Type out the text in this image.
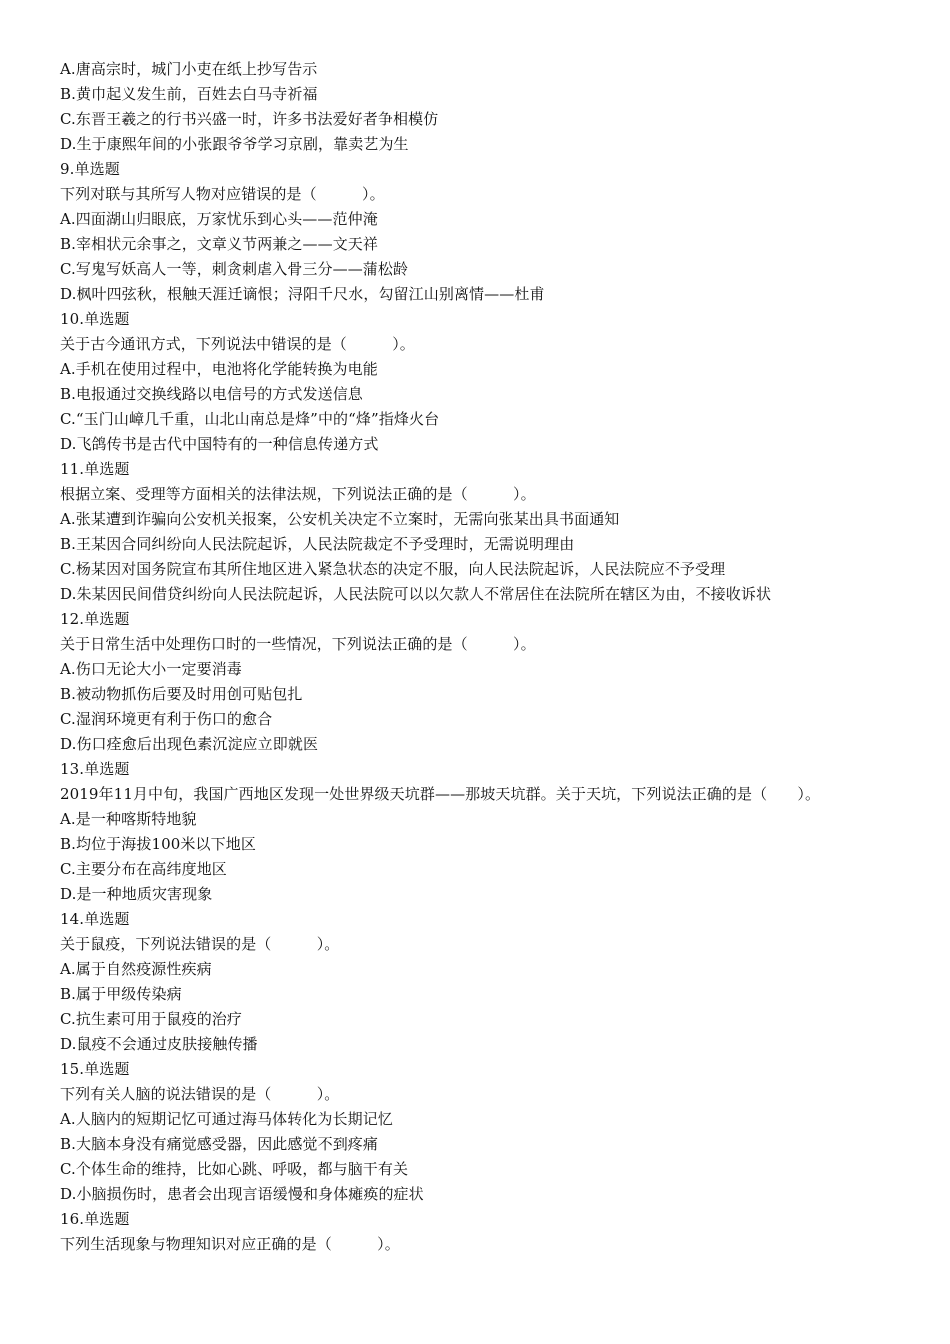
A.唐高宗时，城门小吏在纸上抄写告示
B.黄巾起义发生前，百姓去白马寺祈福
C.东晋王羲之的行书兴盛一时，许多书法爱好者争相模仿
D.生于康熙年间的小张跟爷爷学习京剧，靠卖艺为生
9.单选题
下列对联与其所写人物对应错误的是（　　　）。
A.四面湖山归眼底，万家忧乐到心头——范仲淹
B.宰相状元余事之，文章义节两兼之——文天祥
C.写鬼写妖高人一等，刺贪刺虐入骨三分——蒲松龄
D.枫叶四弦秋，根触天涯迁谪恨；浔阳千尺水，勾留江山别离情——杜甫
10.单选题
关于古今通讯方式，下列说法中错误的是（　　　）。
A.手机在使用过程中，电池将化学能转换为电能
B.电报通过交换线路以电信号的方式发送信息
C.“玉门山嶂几千重，山北山南总是烽”中的“烽”指烽火台
D.飞鸽传书是古代中国特有的一种信息传递方式
11.单选题
根据立案、受理等方面相关的法律法规，下列说法正确的是（　　　）。
A.张某遭到诈骗向公安机关报案，公安机关决定不立案时，无需向张某出具书面通知
B.王某因合同纠纷向人民法院起诉，人民法院裁定不予受理时，无需说明理由
C.杨某因对国务院宣布其所住地区进入紧急状态的决定不服，向人民法院起诉，人民法院应不予受理
D.朱某因民间借贷纠纷向人民法院起诉，人民法院可以以欠款人不常居住在法院所在辖区为由，不接收诉状
12.单选题
关于日常生活中处理伤口时的一些情况，下列说法正确的是（　　　）。
A.伤口无论大小一定要消毒
B.被动物抓伤后要及时用创可贴包扎
C.湿润环境更有利于伤口的愈合
D.伤口痊愈后出现色素沉淀应立即就医
13.单选题
2019年11月中旬，我国广西地区发现一处世界级天坑群——那坡天坑群。关于天坑，下列说法正确的是（　　）。
A.是一种喀斯特地貌
B.均位于海拔100米以下地区
C.主要分布在高纬度地区
D.是一种地质灾害现象
14.单选题
关于鼠疫，下列说法错误的是（　　　）。
A.属于自然疫源性疾病
B.属于甲级传染病
C.抗生素可用于鼠疫的治疗
D.鼠疫不会通过皮肤接触传播
15.单选题
下列有关人脑的说法错误的是（　　　）。
A.人脑内的短期记忆可通过海马体转化为长期记忆
B.大脑本身没有痛觉感受器，因此感觉不到疼痛
C.个体生命的维持，比如心跳、呼吸，都与脑干有关
D.小脑损伤时，患者会出现言语缓慢和身体瘫痪的症状
16.单选题
下列生活现象与物理知识对应正确的是（　　　）。
